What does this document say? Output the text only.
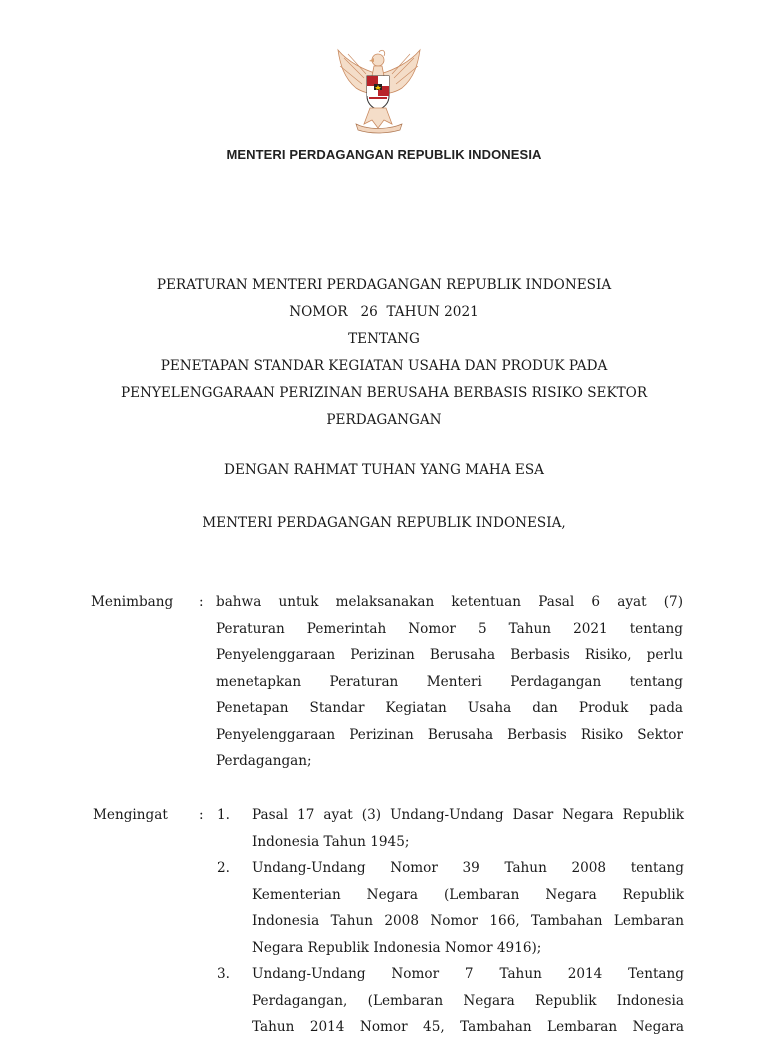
MENTERI PERDAGANGAN REPUBLIK INDONESIA
PERATURAN MENTERI PERDAGANGAN REPUBLIK INDONESIA
NOMOR   26  TAHUN 2021
TENTANG
PENETAPAN STANDAR KEGIATAN USAHA DAN PRODUK PADA
PENYELENGGARAAN PERIZINAN BERUSAHA BERBASIS RISIKO SEKTOR
PERDAGANGAN
DENGAN RAHMAT TUHAN YANG MAHA ESA
MENTERI PERDAGANGAN REPUBLIK INDONESIA,
Menimbang : bahwa untuk melaksanakan ketentuan Pasal 6 ayat (7)
Peraturan Pemerintah Nomor 5 Tahun 2021 tentang
Penyelenggaraan Perizinan Berusaha Berbasis Risiko, perlu
menetapkan Peraturan Menteri Perdagangan tentang
Penetapan Standar Kegiatan Usaha dan Produk pada
Penyelenggaraan Perizinan Berusaha Berbasis Risiko Sektor
Perdagangan;
Mengingat : 1. Pasal 17 ayat (3) Undang-Undang Dasar Negara Republik
Indonesia Tahun 1945;
2. Undang-Undang Nomor 39 Tahun 2008 tentang
Kementerian Negara (Lembaran Negara Republik
Indonesia Tahun 2008 Nomor 166, Tambahan Lembaran
Negara Republik Indonesia Nomor 4916);
3. Undang-Undang Nomor 7 Tahun 2014 Tentang
Perdagangan, (Lembaran Negara Republik Indonesia
Tahun 2014 Nomor 45, Tambahan Lembaran Negara
